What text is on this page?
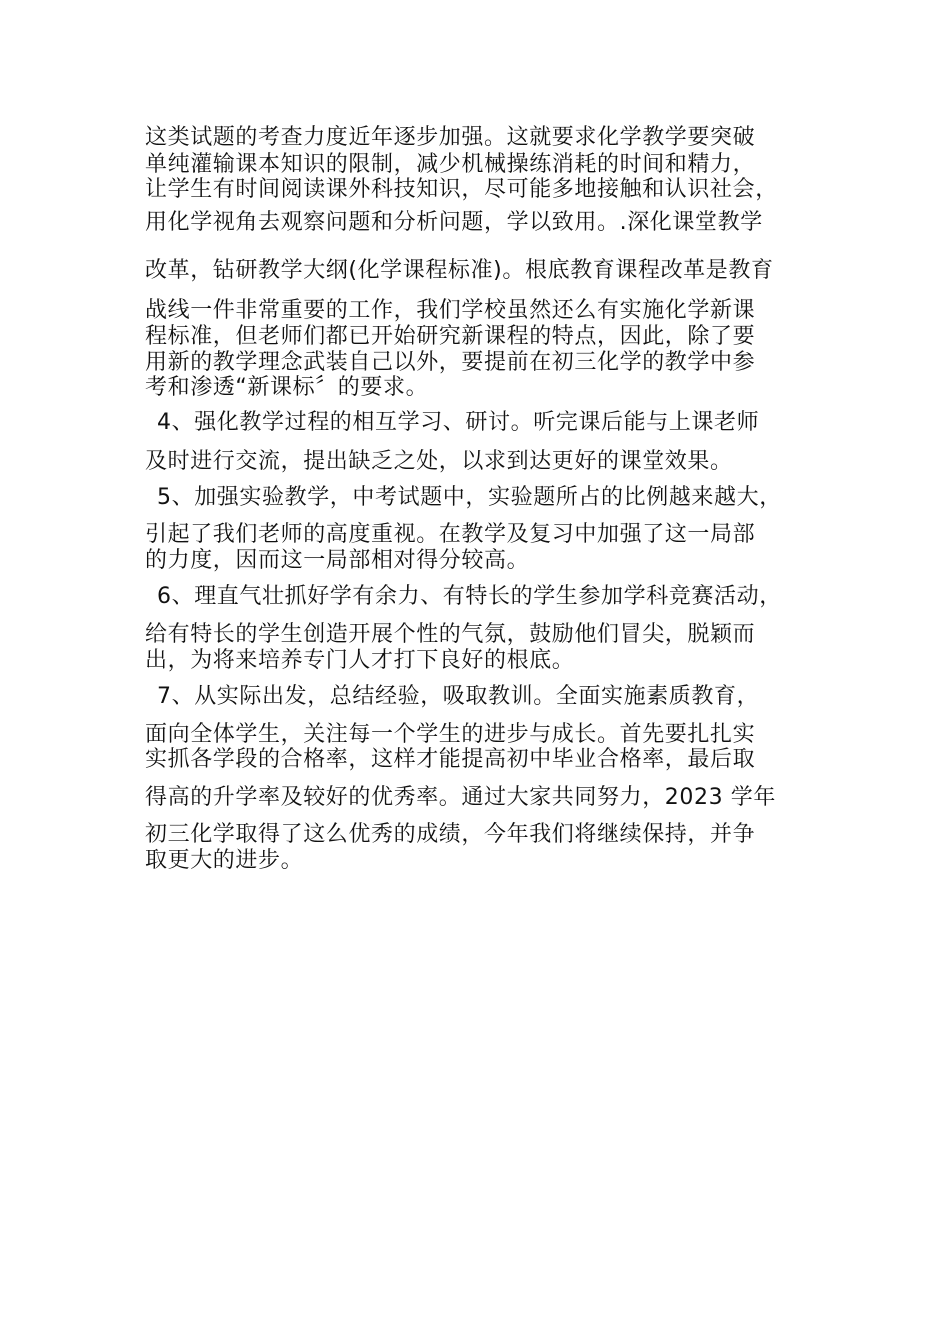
这类试题的考查力度近年逐步加强。这就要求化学教学要突破
单纯灌输课本知识的限制，减少机械操练消耗的时间和精力，
让学生有时间阅读课外科技知识，尽可能多地接触和认识社会，
用化学视角去观察问题和分析问题，学以致用。.深化课堂教学
改革，钻研教学大纲(化学课程标准)。根底教育课程改革是教育
战线一件非常重要的工作，我们学校虽然还么有实施化学新课
程标准，但老师们都已开始研究新课程的特点，因此，除了要
用新的教学理念武装自己以外，要提前在初三化学的教学中参
考和渗透“新课标〞的要求。
4、强化教学过程的相互学习、研讨。听完课后能与上课老师
及时进行交流，提出缺乏之处，以求到达更好的课堂效果。
5、加强实验教学，中考试题中，实验题所占的比例越来越大，
引起了我们老师的高度重视。在教学及复习中加强了这一局部
的力度，因而这一局部相对得分较高。
6、理直气壮抓好学有余力、有特长的学生参加学科竞赛活动，
给有特长的学生创造开展个性的气氛，鼓励他们冒尖，脱颖而
出，为将来培养专门人才打下良好的根底。
7、从实际出发，总结经验，吸取教训。全面实施素质教育，
面向全体学生，关注每一个学生的进步与成长。首先要扎扎实
实抓各学段的合格率，这样才能提高初中毕业合格率，最后取
得高的升学率及较好的优秀率。通过大家共同努力，2023 学年
初三化学取得了这么优秀的成绩，今年我们将继续保持，并争
取更大的进步。
